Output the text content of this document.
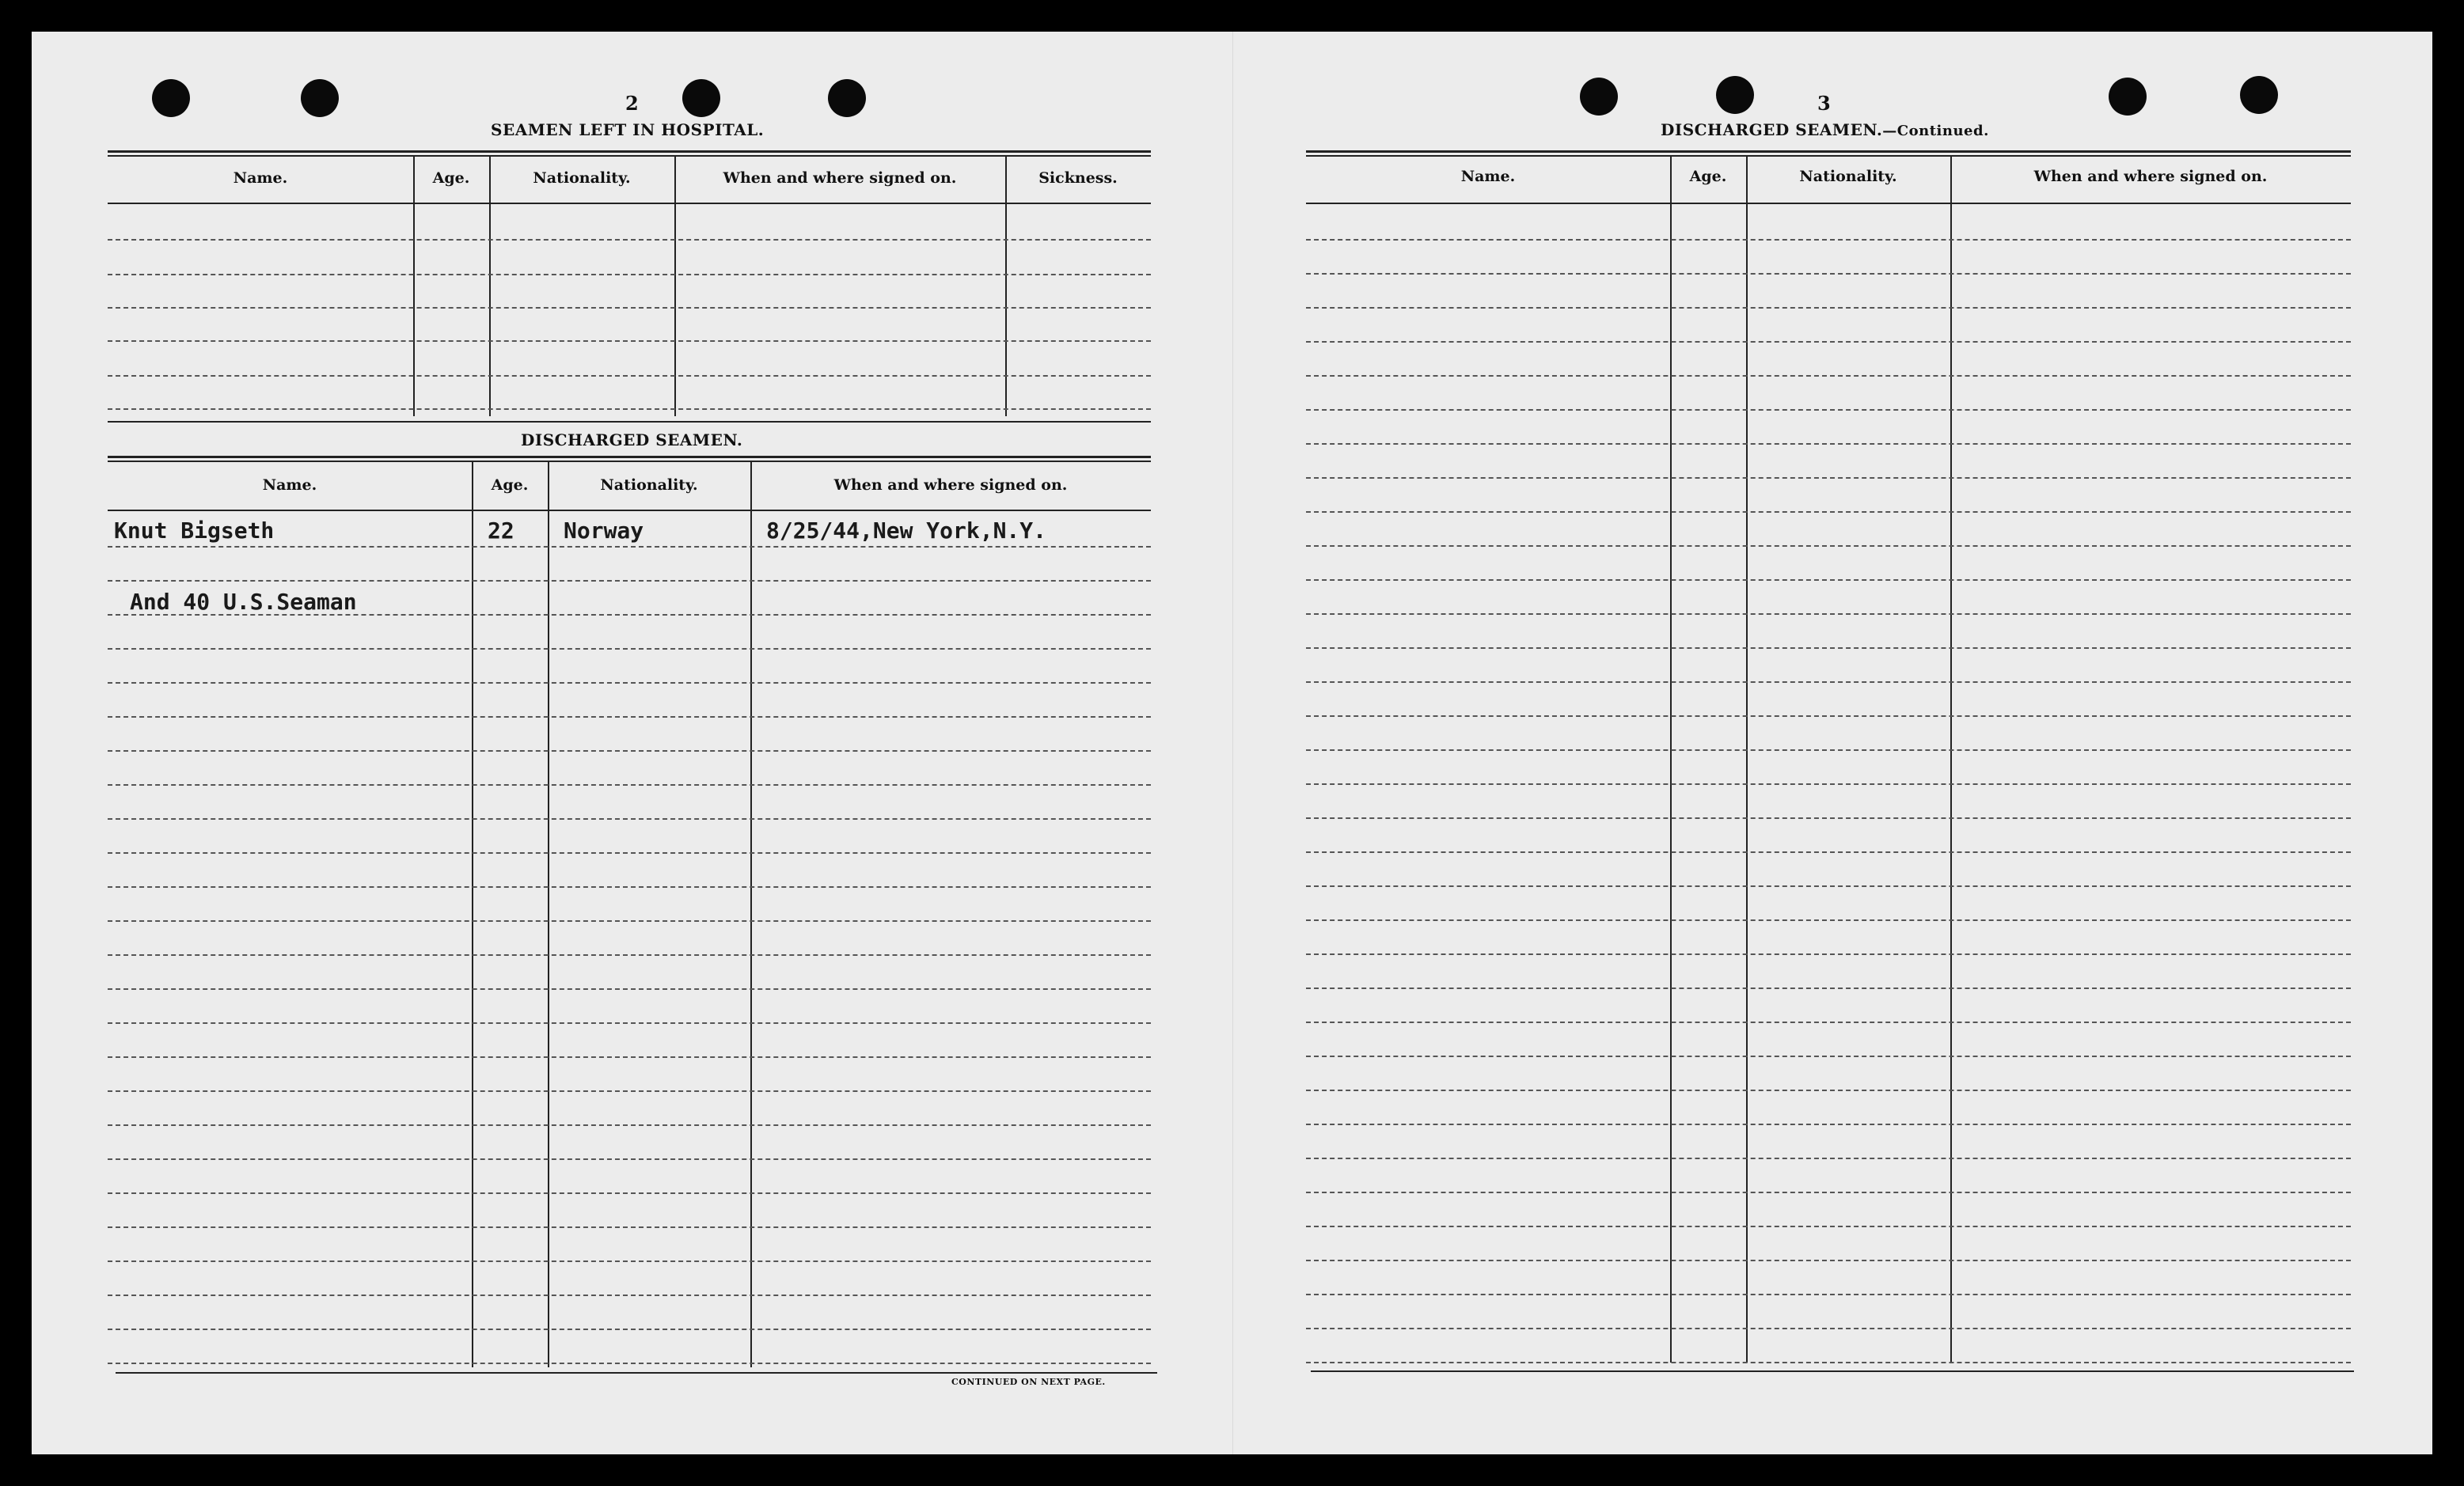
2
SEAMEN LEFT IN HOSPITAL.
Name.	Age.	Nationality.	When and where signed on.	Sickness.
DISCHARGED SEAMEN.
Name.	Age.	Nationality.	When and where signed on.
Knut Bigseth	22 Norway	8/25/44,New York,N.Y.
And 40 U.S.Seaman
CONTINUED ON NEXT PAGE.
3
DISCHARGED SEAMEN.—Continued.
Name.	Age.	Nationality.	When and where signed on.
